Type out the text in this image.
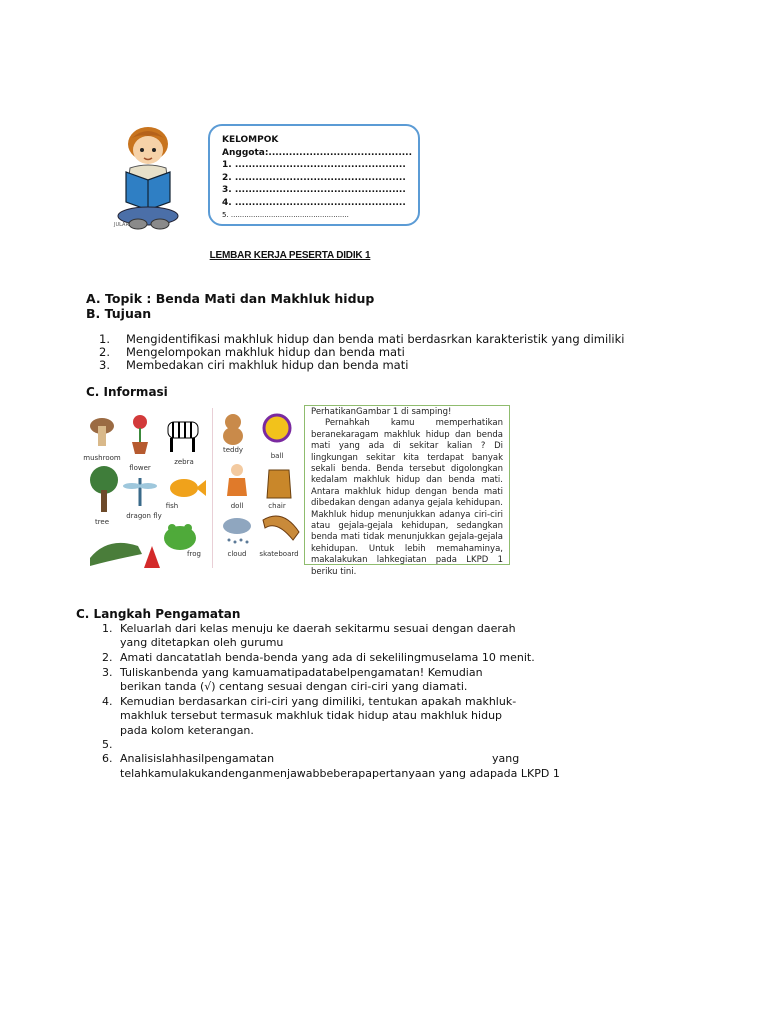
JULAR
KELOMPOK
Anggota:..........................................
1. ..................................................
2. ..................................................
3. ..................................................
4. ..................................................
5. .....................................................
LEMBAR KERJA PESERTA DIDIK 1
A. Topik : Benda Mati dan Makhluk hidup
B. Tujuan
1. Mengidentifikasi makhluk hidup dan benda mati berdasrkan karakteristik yang dimiliki
2. Mengelompokan makhluk hidup dan benda mati
3. Membedakan ciri makhluk hidup dan benda mati
C. Informasi
mushroom
flower
zebra
tree
dragon fly
fish
frog
teddy
ball
doll	chair
cloud	skateboard

PerhatikanGambar 1 di samping!

Pernahkah kamu memperhatikan beranekaragam makhluk hidup dan benda mati yang ada di sekitar kalian ? Di lingkungan sekitar kita terdapat banyak sekali benda. Benda tersebut digolongkan kedalam makhluk hidup dan benda mati. Antara makhluk hidup dengan benda mati dibedakan dengan adanya gejala kehidupan. Makhluk hidup menunjukkan adanya ciri-ciri atau gejala-gejala kehidupan, sedangkan benda mati tidak menunjukkan gejala-gejala kehidupan. Untuk lebih memahaminya, makalakukan lahkegiatan pada LKPD 1 beriku tini.

C. Langkah Pengamatan
1. Keluarlah dari kelas menuju ke daerah sekitarmu sesuai dengan daerah
yang ditetapkan oleh gurumu
2. Amati dancatatlah benda-benda yang ada di sekelilingmuselama 10 menit.
3. Tuliskanbenda yang kamuamatipadatabelpengamatan! Kemudian
berikan tanda (√) centang sesuai dengan ciri-ciri yang diamati.
4. Kemudian berdasarkan ciri-ciri yang dimiliki, tentukan apakah makhluk-
makhluk tersebut termasuk makhluk tidak hidup atau makhluk hidup
pada kolom keterangan.
5.
6. Analisislahhasilpengamatan	yang
telahkamulakukandenganmenjawabbeberapapertanyaan yang adapada LKPD 1
